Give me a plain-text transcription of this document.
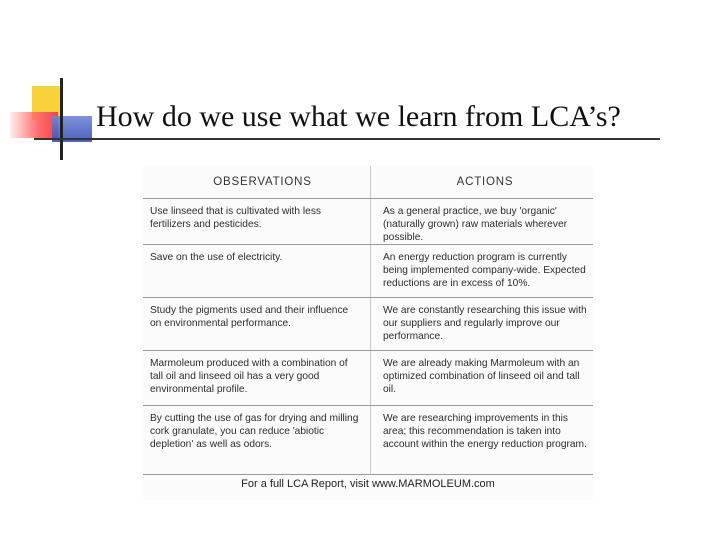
How do we use what we learn from LCA’s?
OBSERVATIONS	ACTIONS
Use linseed that is cultivated with less fertilizers and pesticides.
As a general practice, we buy 'organic' (naturally grown) raw materials wherever possible.
Save on the use of electricity.	An energy reduction program is currently being implemented company-wide. Expected reductions are in excess of 10%.
Study the pigments used and their influence on environmental performance.
We are constantly researching this issue with our suppliers and regularly improve our performance.
Marmoleum produced with a combination of tall oil and linseed oil has a very good environmental profile.
We are already making Marmoleum with an optimized combination of linseed oil and tall oil.
By cutting the use of gas for drying and milling cork granulate, you can reduce 'abiotic depletion' as well as odors.
We are researching improvements in this area; this recommendation is taken into account within the energy reduction program.
For a full LCA Report, visit www.MARMOLEUM.com
